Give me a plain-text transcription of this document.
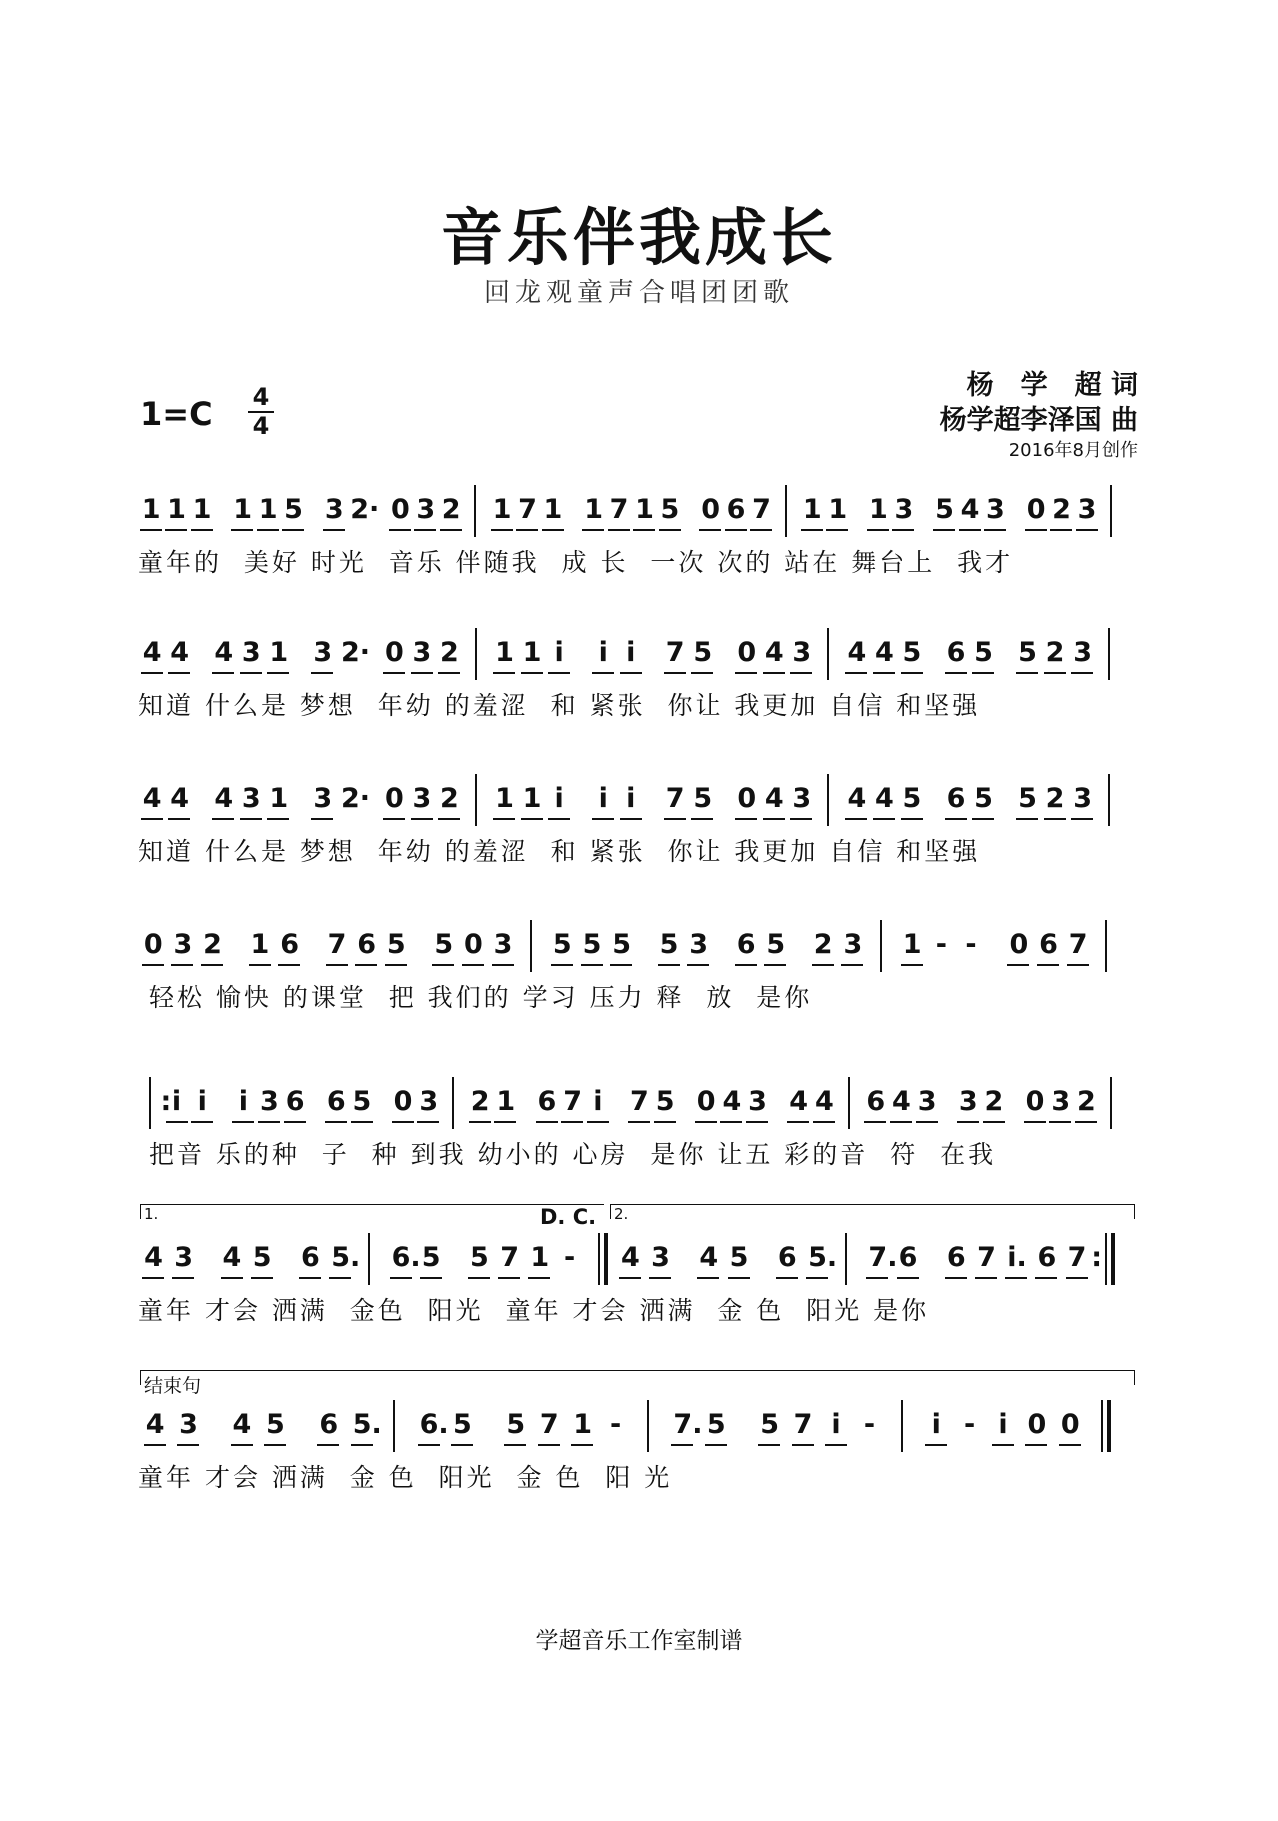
音乐伴我成长
回龙观童声合唱团团歌
杨　学　超 词
杨学超李泽国 曲
2016年8月创作
1=C 4
4
1 1 1 1 1 5 3 2· 0 3 2 1 7 1 1 7 1 5 0 6 7 1 1 1 3 5 4 3 0 2 3
童年的  美好 时光  音乐 伴随我  成 长  一次 次的 站在 舞台上  我才
4 4 4 3 1 3 2· 0 3 2 1 1 i i i 7 5 0 4 3 4 4 5 6 5 5 2 3
知道 什么是 梦想  年幼 的羞涩  和 紧张  你让 我更加 自信 和坚强
4 4 4 3 1 3 2· 0 3 2 1 1 i i i 7 5 0 4 3 4 4 5 6 5 5 2 3
知道 什么是 梦想  年幼 的羞涩  和 紧张  你让 我更加 自信 和坚强
0 3 2 1 6 7 6 5 5 0 3 5 5 5 5 3 6 5 2 3 1 - - 0 6 7
轻松 愉快 的课堂  把 我们的 学习 压力 释  放  是你
: i i i 3 6 6 5 0 3 2 1 6 7 i 7 5 0 4 3 4 4 6 4 3 3 2 0 3 2
把音 乐的种  子  种 到我 幼小的 心房  是你 让五 彩的音  符  在我
1.	D. C. 2.
4 3 4 5 6 5. 6. 5 5 7 1 - 4 3 4 5 6 5. 7. 6 6 7 i. 6 7 :
童年 才会 洒满  金色  阳光  童年 才会 洒满  金 色  阳光 是你
结束句
4 3 4 5 6 5. 6. 5 5 7 1 - 7. 5 5 7 i - i - i 0 0
童年 才会 洒满  金 色  阳光  金 色  阳 光
学超音乐工作室制谱
